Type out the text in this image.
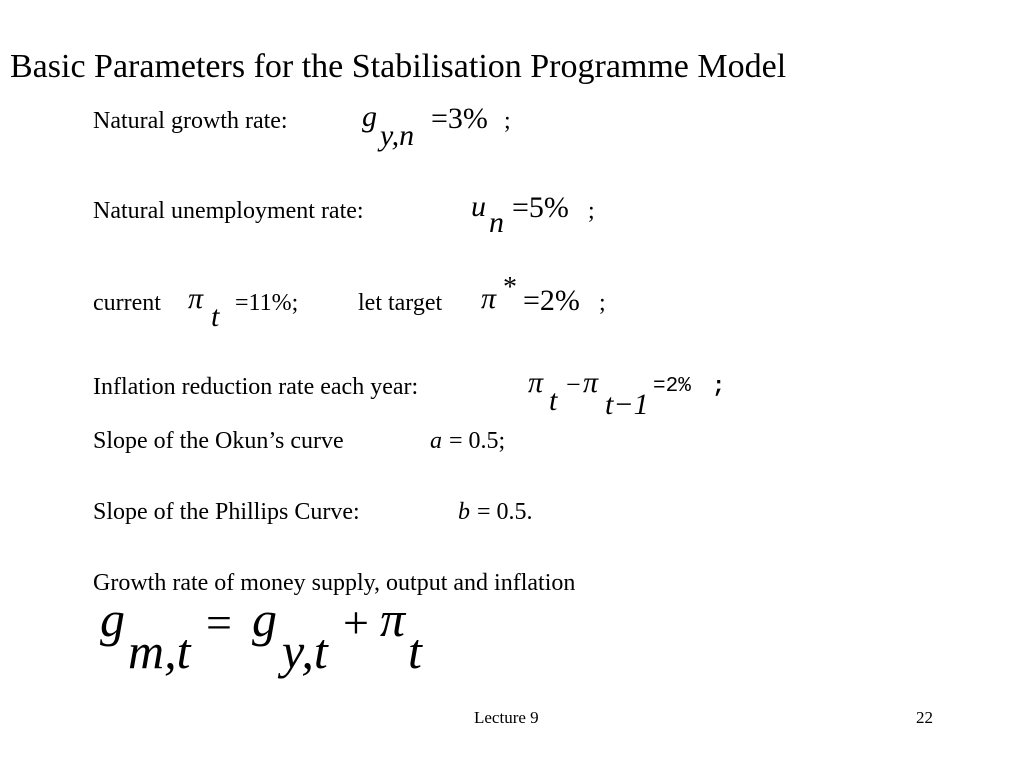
Basic Parameters for the Stabilisation Programme Model
Natural growth rate: g
y,n
=3% ;
Natural unemployment rate:	u n =5% ;
current π
t =11%; let target π * =2% ;
Inflation reduction rate each year:	π
t − π
t−1
=2% ;
Slope of the Okun’s curve	a = 0.5;
Slope of the Phillips Curve:	b = 0.5.
Growth rate of money supply, output and inflation
g
m,t
= g
y,t
+ π
t
Lecture 9	22
